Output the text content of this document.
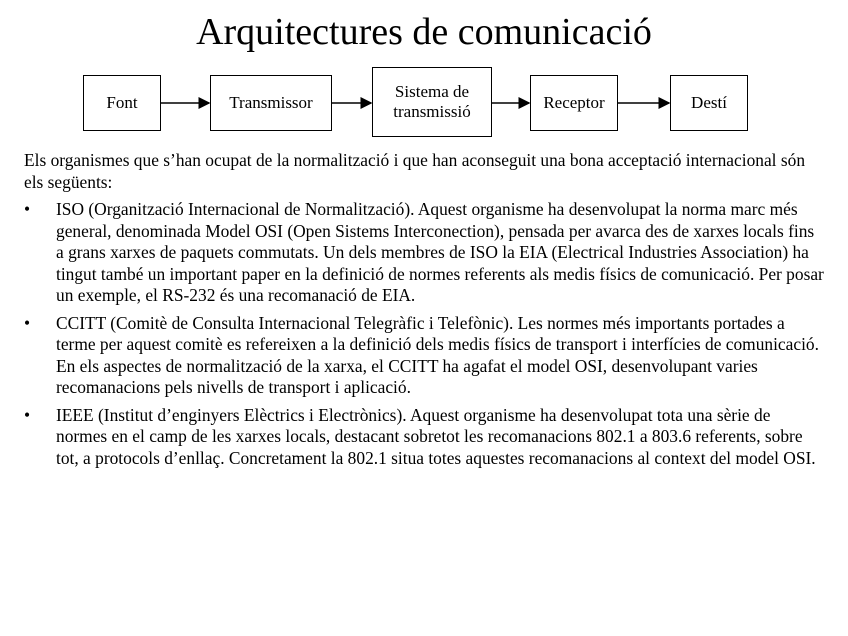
Arquitectures de comunicació
Font	Transmissor
Sistema de
transmissió	Receptor	Destí

Els organismes que s’han ocupat de la normalització i que han aconseguit una bona acceptació internacional són els següents:

• ISO (Organització Internacional de Normalització). Aquest organisme ha desenvolupat la norma marc més general, denominada Model OSI (Open Sistems Interconection), pensada per avarca des de xarxes locals fins a grans xarxes de paquets commutats. Un dels membres de ISO la EIA (Electrical Industries Association) ha tingut també un important paper en la definició de normes referents als medis físics de comunicació. Per posar un exemple, el RS-232 és una recomanació de EIA.
• CCITT (Comitè de Consulta Internacional Telegràfic i Telefònic). Les normes més importants portades a terme per aquest comitè es refereixen a la definició dels medis físics de transport i interfícies de comunicació. En els aspectes de normalització de la xarxa, el CCITT ha agafat el model OSI, desenvolupant varies recomanacions pels nivells de transport i aplicació.
• IEEE (Institut d’enginyers Elèctrics i Electrònics). Aquest organisme ha desenvolupat tota una sèrie de normes en el camp de les xarxes locals, destacant sobretot les recomanacions 802.1 a 803.6 referents, sobre tot, a protocols d’enllaç. Concretament la 802.1 situa totes aquestes recomanacions al context del model OSI.
